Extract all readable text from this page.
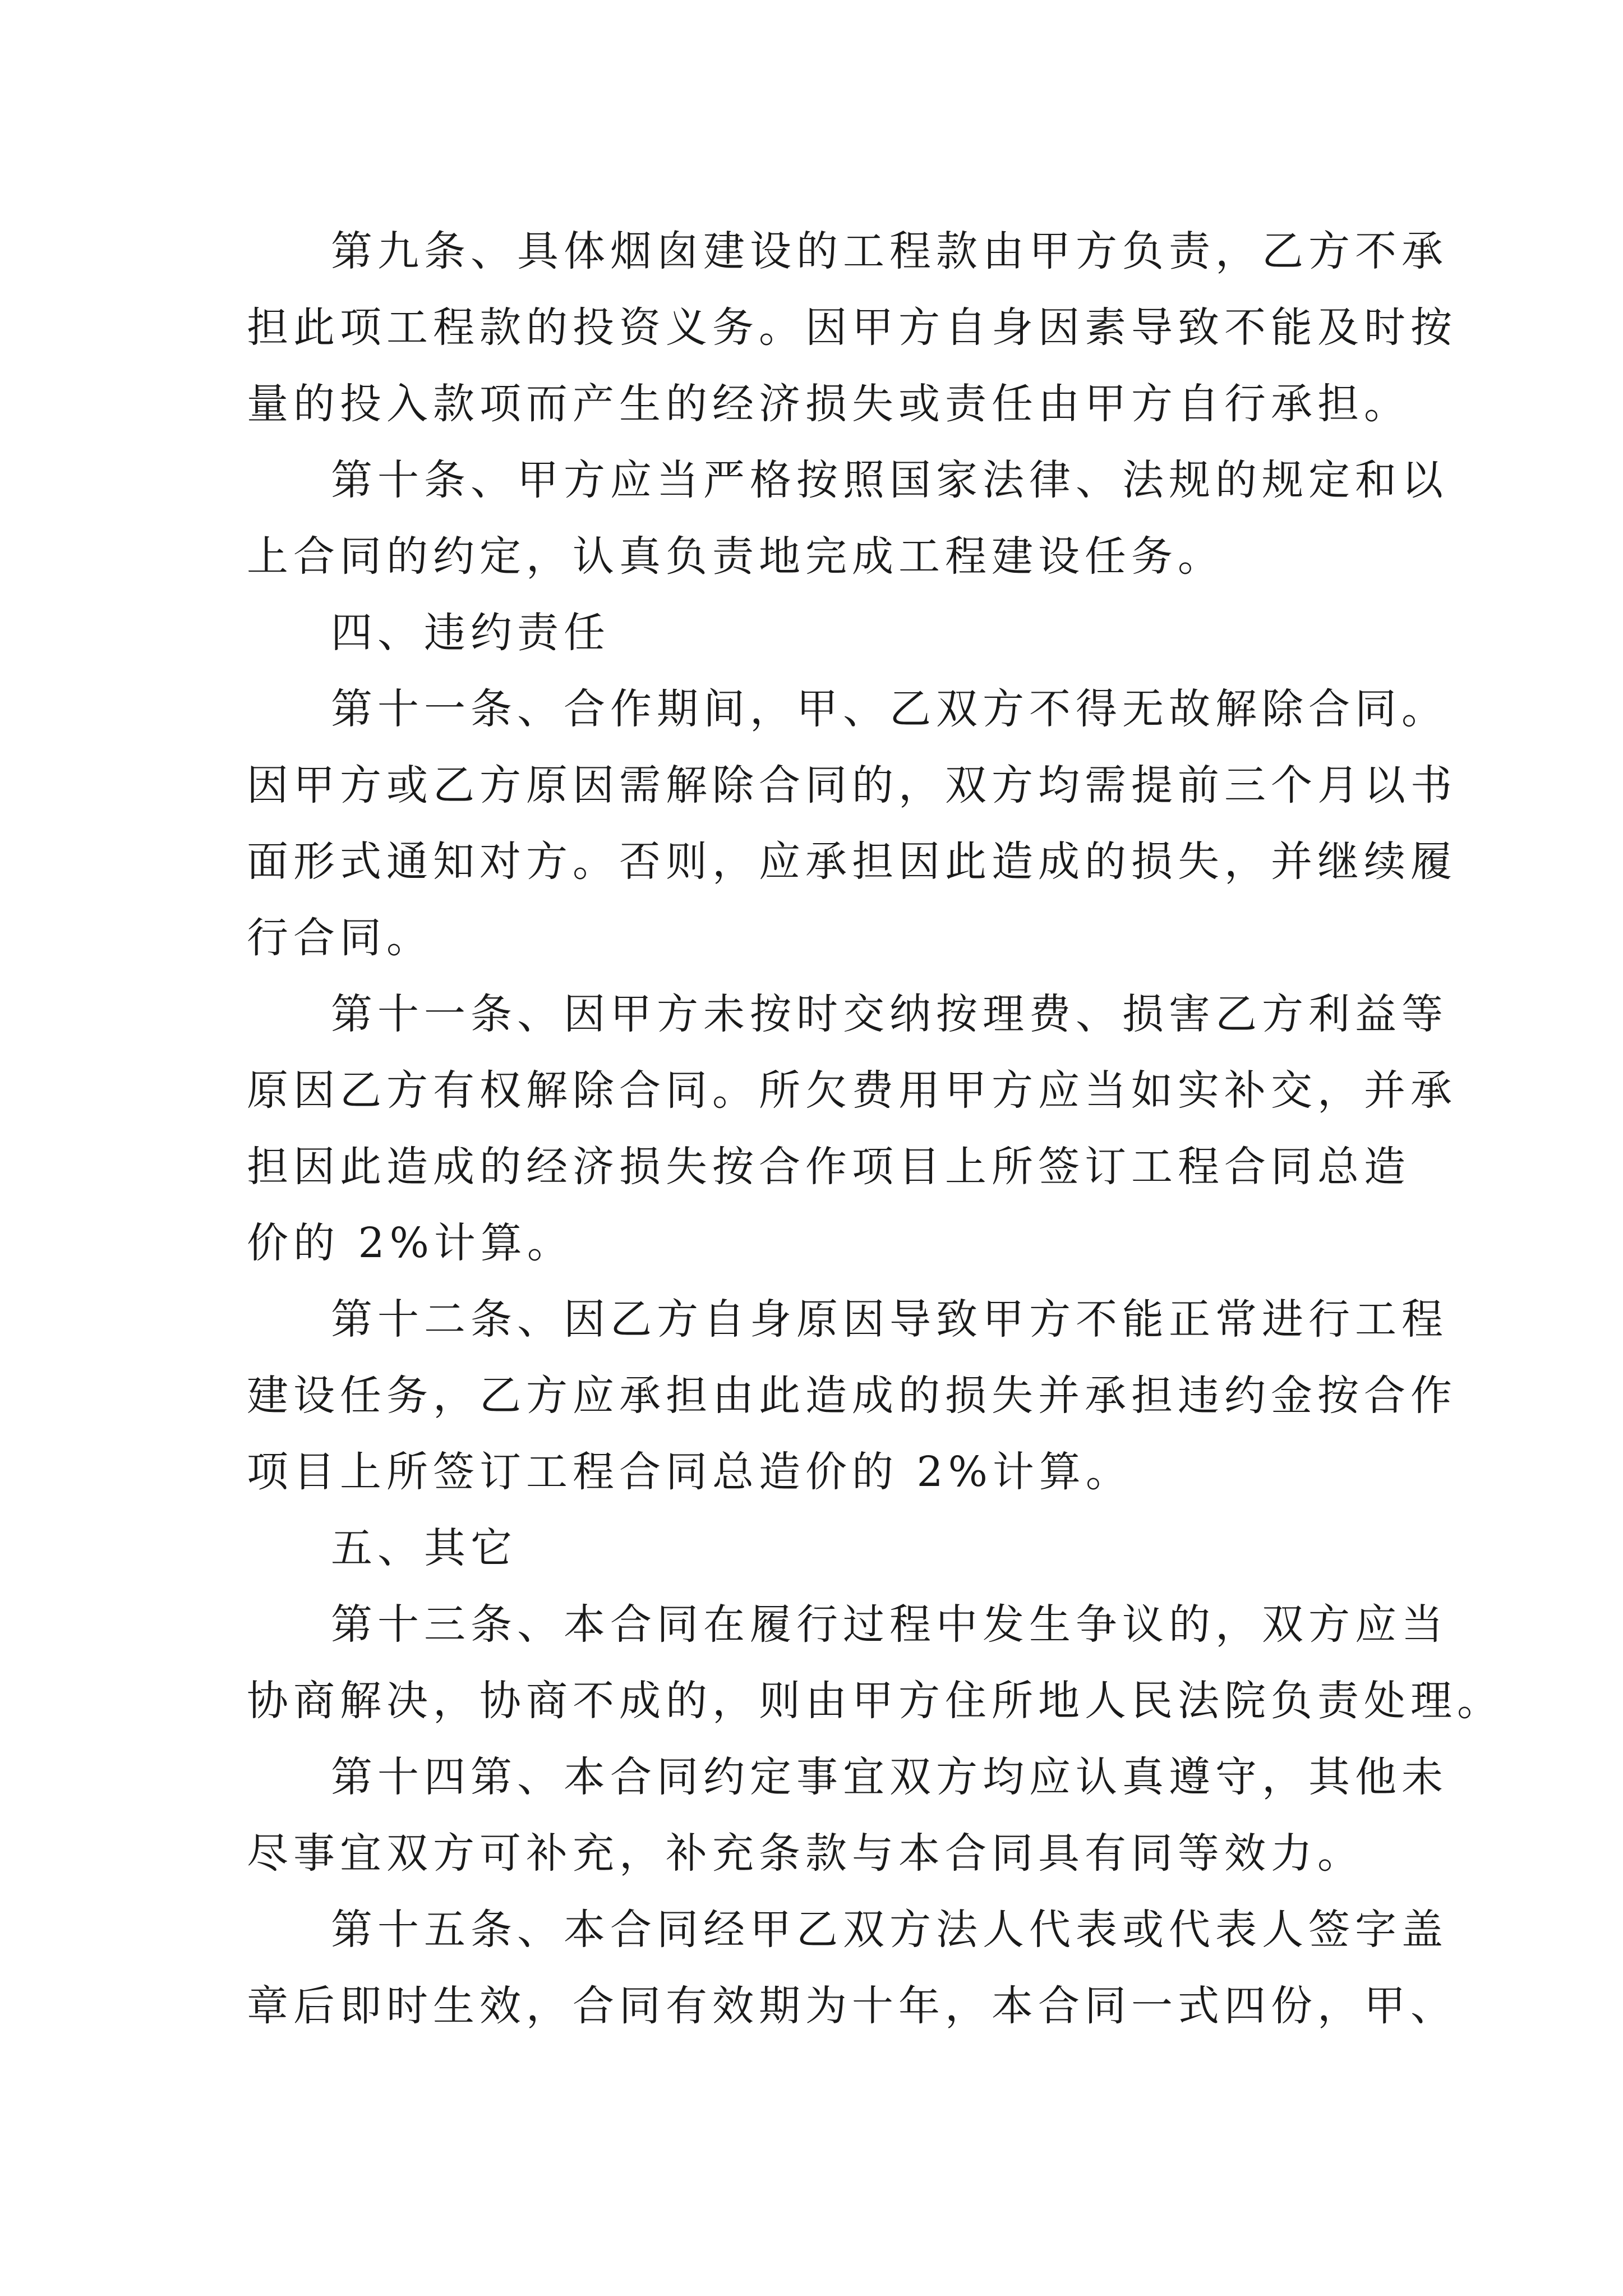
第九条、具体烟囱建设的工程款由甲方负责，乙方不承
担此项工程款的投资义务。因甲方自身因素导致不能及时按
量的投入款项而产生的经济损失或责任由甲方自行承担。
第十条、甲方应当严格按照国家法律、法规的规定和以
上合同的约定，认真负责地完成工程建设任务。
四、违约责任
第十一条、合作期间，甲、乙双方不得无故解除合同。
因甲方或乙方原因需解除合同的，双方均需提前三个月以书
面形式通知对方。否则，应承担因此造成的损失，并继续履
行合同。
第十一条、因甲方未按时交纳按理费、损害乙方利益等
原因乙方有权解除合同。所欠费用甲方应当如实补交，并承
担因此造成的经济损失按合作项目上所签订工程合同总造
价的 2%计算。
第十二条、因乙方自身原因导致甲方不能正常进行工程
建设任务，乙方应承担由此造成的损失并承担违约金按合作
项目上所签订工程合同总造价的 2%计算。
五、其它
第十三条、本合同在履行过程中发生争议的，双方应当
协商解决，协商不成的，则由甲方住所地人民法院负责处理。
第十四第、本合同约定事宜双方均应认真遵守，其他未
尽事宜双方可补充，补充条款与本合同具有同等效力。
第十五条、本合同经甲乙双方法人代表或代表人签字盖
章后即时生效，合同有效期为十年，本合同一式四份，甲、
